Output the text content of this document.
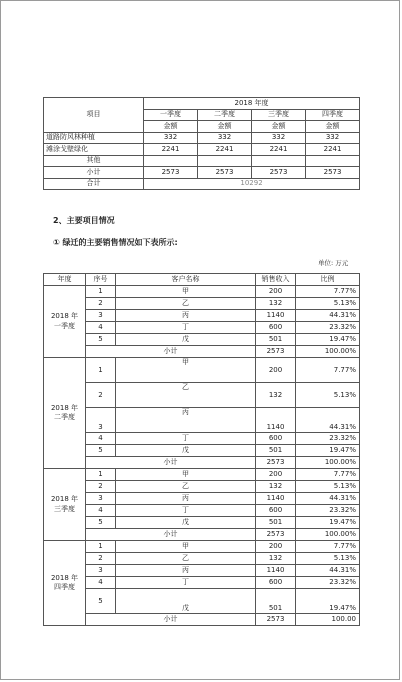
项目	2018 年度			
	一季度	二季度	三季度	四季度
	金额	金额	金额	金额
道路防风林种植	332	332	332	332
滩涂戈壁绿化	2241	2241	2241	2241
其他				
小计	2573	2573	2573	2573
合计	10292			
2、主要项目情况
① 绿迁的主要销售情况如下表所示:
单位: 万元
年度	序号	客户名称	销售收入	比例
2018 年
一季度	1	甲	200	7.77%
	2	乙	132	5.13%
	3	丙	1140	44.31%
	4	丁	600	23.32%
	5	戊	501	19.47%
	小计		2573	100.00%
2018 年
二季度	1	甲	200	7.77%
	2	乙	132	5.13%
	3	丙	1140	44.31%
	4	丁	600	23.32%
	5	戊	501	19.47%
	小计		2573	100.00%
2018 年
三季度	1	甲	200	7.77%
	2	乙	132	5.13%
	3	丙	1140	44.31%
	4	丁	600	23.32%
	5	戊	501	19.47%
	小计		2573	100.00%
2018 年
四季度	1	甲	200	7.77%
	2	乙	132	5.13%
	3	丙	1140	44.31%
	4	丁	600	23.32%
	5	戊	501	19.47%
	小计		2573	100.00
